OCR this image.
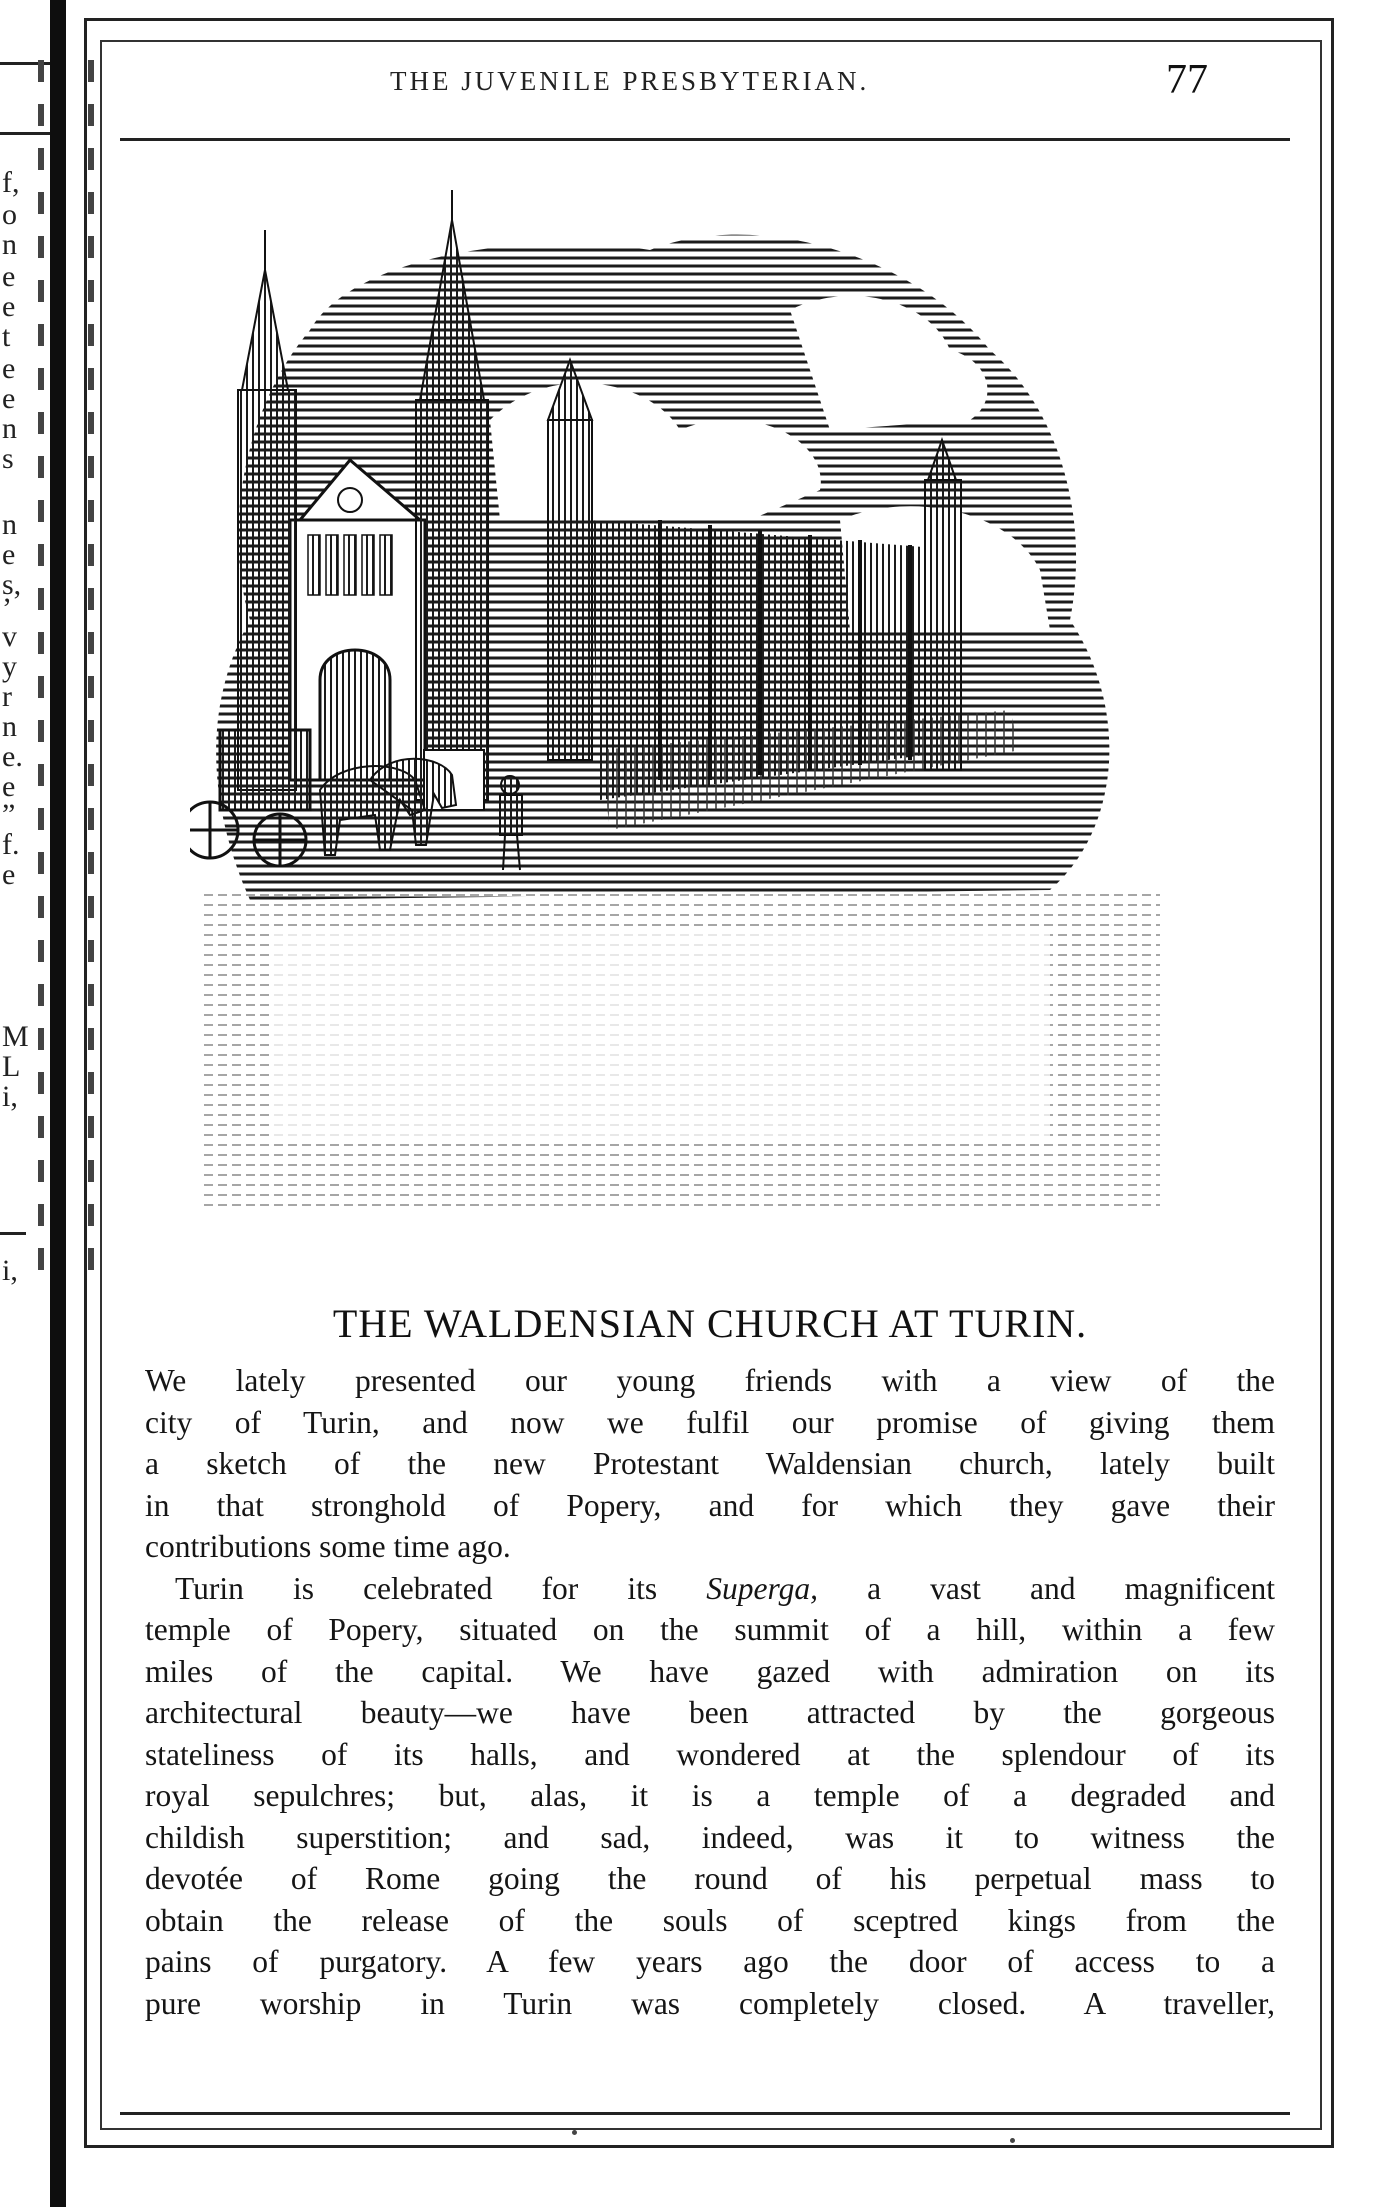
f,
o
n
e
e
t
e
e
n
s
n
e
s,
’
v
y
r
n
e.
e
”
f.
e
M
L
i,
i,
THE JUVENILE PRESBYTERIAN.	77
THE WALDENSIAN CHURCH AT TURIN.
We lately presented our young friends with a view of the
city of Turin, and now we fulfil our promise of giving them
a sketch of the new Protestant Waldensian church, lately built
in that stronghold of Popery, and for which they gave their
contributions some time ago.
Turin is celebrated for its Superga, a vast and magnificent
temple of Popery, situated on the summit of a hill, within a few
miles of the capital. We have gazed with admiration on its
architectural beauty—we have been attracted by the gorgeous
stateliness of its halls, and wondered at the splendour of its
royal sepulchres; but, alas, it is a temple of a degraded and
childish superstition; and sad, indeed, was it to witness the
devotée of Rome going the round of his perpetual mass to
obtain the release of the souls of sceptred kings from the
pains of purgatory. A few years ago the door of access to a
pure worship in Turin was completely closed. A traveller,
